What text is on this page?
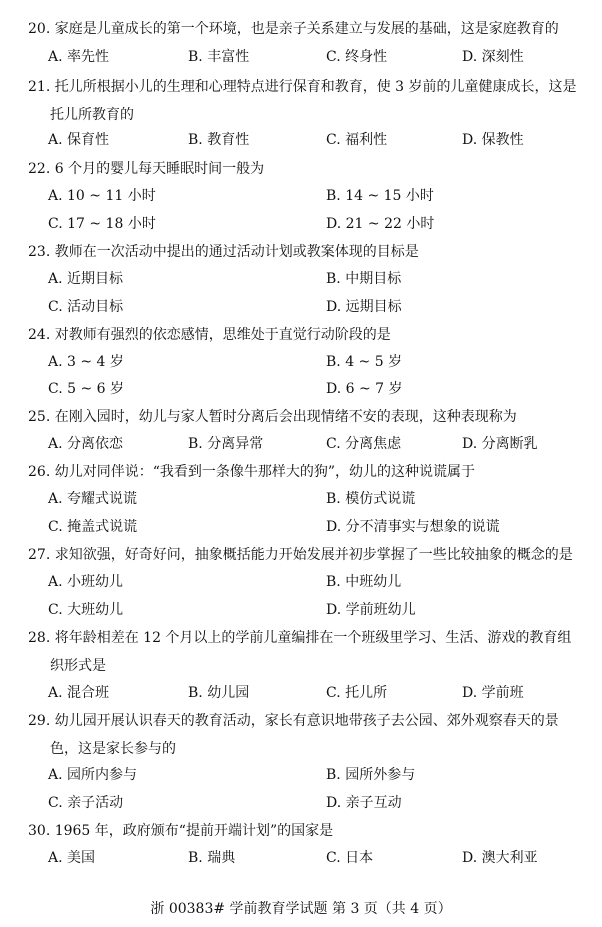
20. 家庭是儿童成长的第一个环境，也是亲子关系建立与发展的基础，这是家庭教育的
A. 率先性	B. 丰富性	C. 终身性	D. 深刻性
21. 托儿所根据小儿的生理和心理特点进行保育和教育，使 3 岁前的儿童健康成长，这是
托儿所教育的
A. 保育性	B. 教育性	C. 福利性	D. 保教性
22. 6 个月的婴儿每天睡眠时间一般为
A. 10 ~ 11 小时	B. 14 ~ 15 小时
C. 17 ~ 18 小时	D. 21 ~ 22 小时
23. 教师在一次活动中提出的通过活动计划或教案体现的目标是
A. 近期目标	B. 中期目标
C. 活动目标	D. 远期目标
24. 对教师有强烈的依恋感情，思维处于直觉行动阶段的是
A. 3 ~ 4 岁	B. 4 ~ 5 岁
C. 5 ~ 6 岁	D. 6 ~ 7 岁
25. 在刚入园时，幼儿与家人暂时分离后会出现情绪不安的表现，这种表现称为
A. 分离依恋	B. 分离异常	C. 分离焦虑	D. 分离断乳
26. 幼儿对同伴说：“我看到一条像牛那样大的狗”，幼儿的这种说谎属于
A. 夸耀式说谎	B. 模仿式说谎
C. 掩盖式说谎	D. 分不清事实与想象的说谎
27. 求知欲强，好奇好问，抽象概括能力开始发展并初步掌握了一些比较抽象的概念的是
A. 小班幼儿	B. 中班幼儿
C. 大班幼儿	D. 学前班幼儿
28. 将年龄相差在 12 个月以上的学前儿童编排在一个班级里学习、生活、游戏的教育组
织形式是
A. 混合班	B. 幼儿园	C. 托儿所	D. 学前班
29. 幼儿园开展认识春天的教育活动，家长有意识地带孩子去公园、郊外观察春天的景
色，这是家长参与的
A. 园所内参与	B. 园所外参与
C. 亲子活动	D. 亲子互动
30. 1965 年，政府颁布“提前开端计划”的国家是
A. 美国	B. 瑞典	C. 日本	D. 澳大利亚
浙 00383# 学前教育学试题 第 3 页（共 4 页）
